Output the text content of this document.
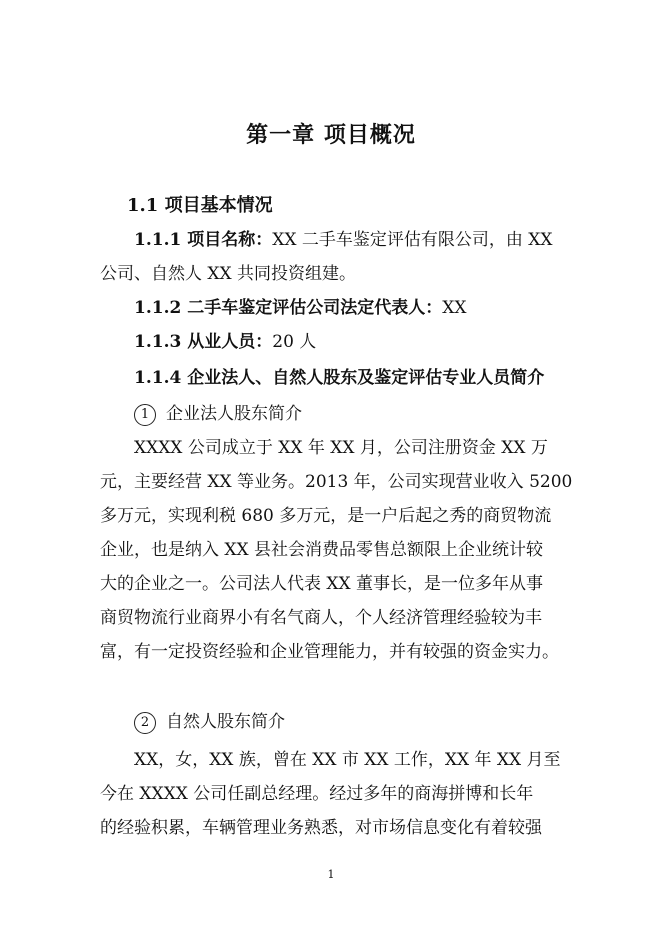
第一章 项目概况
1.1 项目基本情况
1.1.1 项目名称：XX 二手车鉴定评估有限公司，由 XX
公司、自然人 XX 共同投资组建。
1.1.2 二手车鉴定评估公司法定代表人：XX
1.1.3 从业人员：20 人
1.1.4 企业法人、自然人股东及鉴定评估专业人员简介
1 企业法人股东简介
XXXX 公司成立于 XX 年 XX 月，公司注册资金 XX 万
元，主要经营 XX 等业务。2013 年，公司实现营业收入 5200
多万元，实现利税 680 多万元，是一户后起之秀的商贸物流
企业，也是纳入 XX 县社会消费品零售总额限上企业统计较
大的企业之一。公司法人代表 XX 董事长，是一位多年从事
商贸物流行业商界小有名气商人，个人经济管理经验较为丰
富，有一定投资经验和企业管理能力，并有较强的资金实力。
2 自然人股东简介
XX，女，XX 族，曾在 XX 市 XX 工作，XX 年 XX 月至
今在 XXXX 公司任副总经理。经过多年的商海拼博和长年
的经验积累，车辆管理业务熟悉，对市场信息变化有着较强
1
